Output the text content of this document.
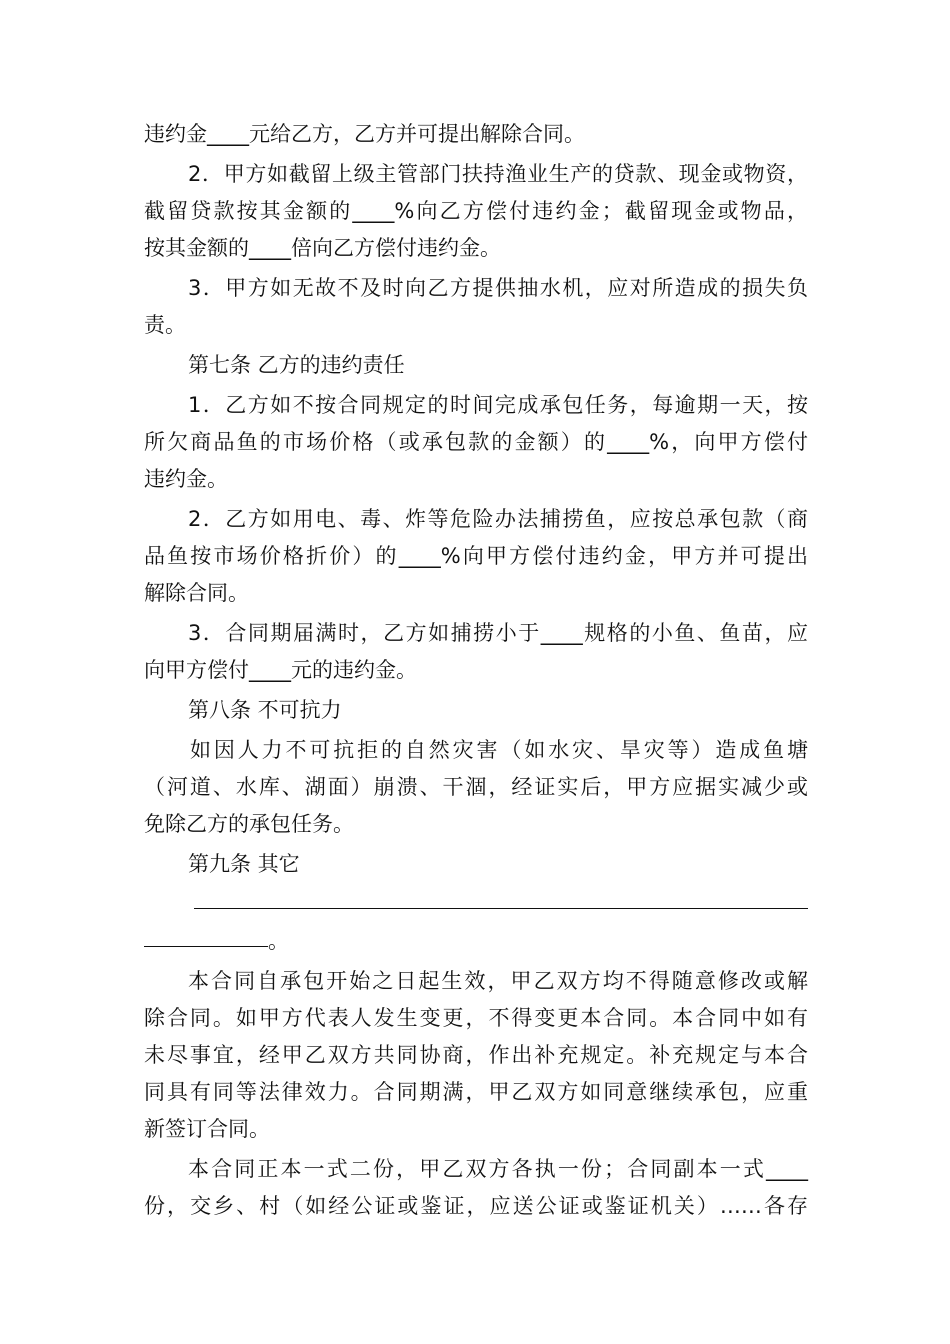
违约金____元给乙方，乙方并可提出解除合同。
2．甲方如截留上级主管部门扶持渔业生产的贷款、现金或物资，
截留贷款按其金额的____%向乙方偿付违约金；截留现金或物品，
按其金额的____倍向乙方偿付违约金。
3．甲方如无故不及时向乙方提供抽水机，应对所造成的损失负
责。
第七条 乙方的违约责任
1．乙方如不按合同规定的时间完成承包任务，每逾期一天，按
所欠商品鱼的市场价格（或承包款的金额）的____%，向甲方偿付
违约金。
2．乙方如用电、毒、炸等危险办法捕捞鱼，应按总承包款（商
品鱼按市场价格折价）的____%向甲方偿付违约金，甲方并可提出
解除合同。
3．合同期届满时，乙方如捕捞小于____规格的小鱼、鱼苗，应
向甲方偿付____元的违约金。
第八条 不可抗力
如因人力不可抗拒的自然灾害（如水灾、旱灾等）造成鱼塘
（河道、水库、湖面）崩溃、干涸，经证实后，甲方应据实减少或
免除乙方的承包任务。
第九条 其它
。
本合同自承包开始之日起生效，甲乙双方均不得随意修改或解
除合同。如甲方代表人发生变更，不得变更本合同。本合同中如有
未尽事宜，经甲乙双方共同协商，作出补充规定。补充规定与本合
同具有同等法律效力。合同期满，甲乙双方如同意继续承包，应重
新签订合同。
本合同正本一式二份，甲乙双方各执一份；合同副本一式____
份，交乡、村（如经公证或鉴证，应送公证或鉴证机关）……各存
